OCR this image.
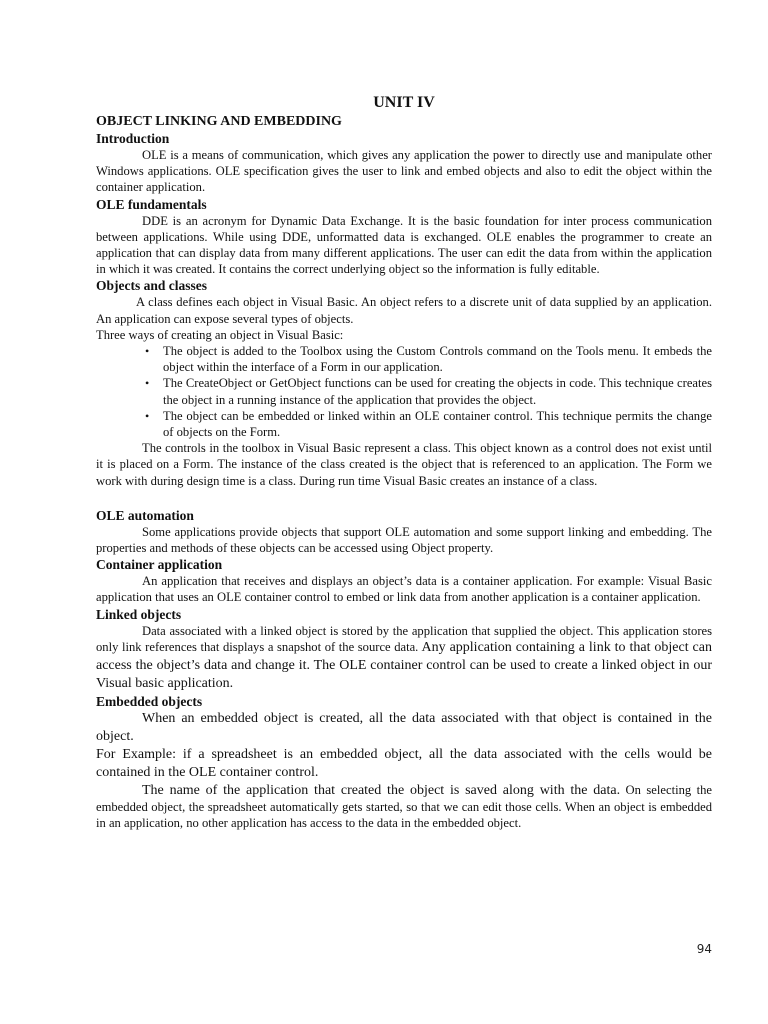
UNIT IV
OBJECT LINKING AND EMBEDDING
Introduction

OLE is a means of communication, which gives any application the power to directly use and manipulate other Windows applications. OLE specification gives the user to link and embed objects and also to edit the object within the container application.

OLE fundamentals

DDE is an acronym for Dynamic Data Exchange. It is the basic foundation for inter process communication between applications. While using DDE, unformatted data is exchanged. OLE enables the programmer to create an application that can display data from many different applications. The user can edit the data from within the application in which it was created. It contains the correct underlying object so the information is fully editable.

Objects and classes

A class defines each object in Visual Basic. An object refers to a discrete unit of data supplied by an application. An application can expose several types of objects.

Three ways of creating an object in Visual Basic:

• The object is added to the Toolbox using the Custom Controls command on the Tools menu. It embeds the object within the interface of a Form in our application.
• The CreateObject or GetObject functions can be used for creating the objects in code. This technique creates the object in a running instance of the application that provides the object.
• The object can be embedded or linked within an OLE container control. This technique permits the change of objects on the Form.

The controls in the toolbox in Visual Basic represent a class. This object known as a control does not exist until it is placed on a Form. The instance of the class created is the object that is referenced to an application. The Form we work with during design time is a class. During run time Visual Basic creates an instance of a class.

OLE automation

Some applications provide objects that support OLE automation and some support linking and embedding. The properties and methods of these objects can be accessed using Object property.

Container application

An application that receives and displays an object’s data is a container application. For example: Visual Basic application that uses an OLE container control to embed or link data from another application is a container application.

Linked objects

Data associated with a linked object is stored by the application that supplied the object. This application stores only link references that displays a snapshot of the source data. Any application containing a link to that object can access the object’s data and change it. The OLE container control can be used to create a linked object in our Visual basic application.

Embedded objects

When an embedded object is created, all the data associated with that object is contained in the object.

For Example: if a spreadsheet is an embedded object, all the data associated with the cells would be contained in the OLE container control.

The name of the application that created the object is saved along with the data. On selecting the embedded object, the spreadsheet automatically gets started, so that we can edit those cells. When an object is embedded in an application, no other application has access to the data in the embedded object.

94
